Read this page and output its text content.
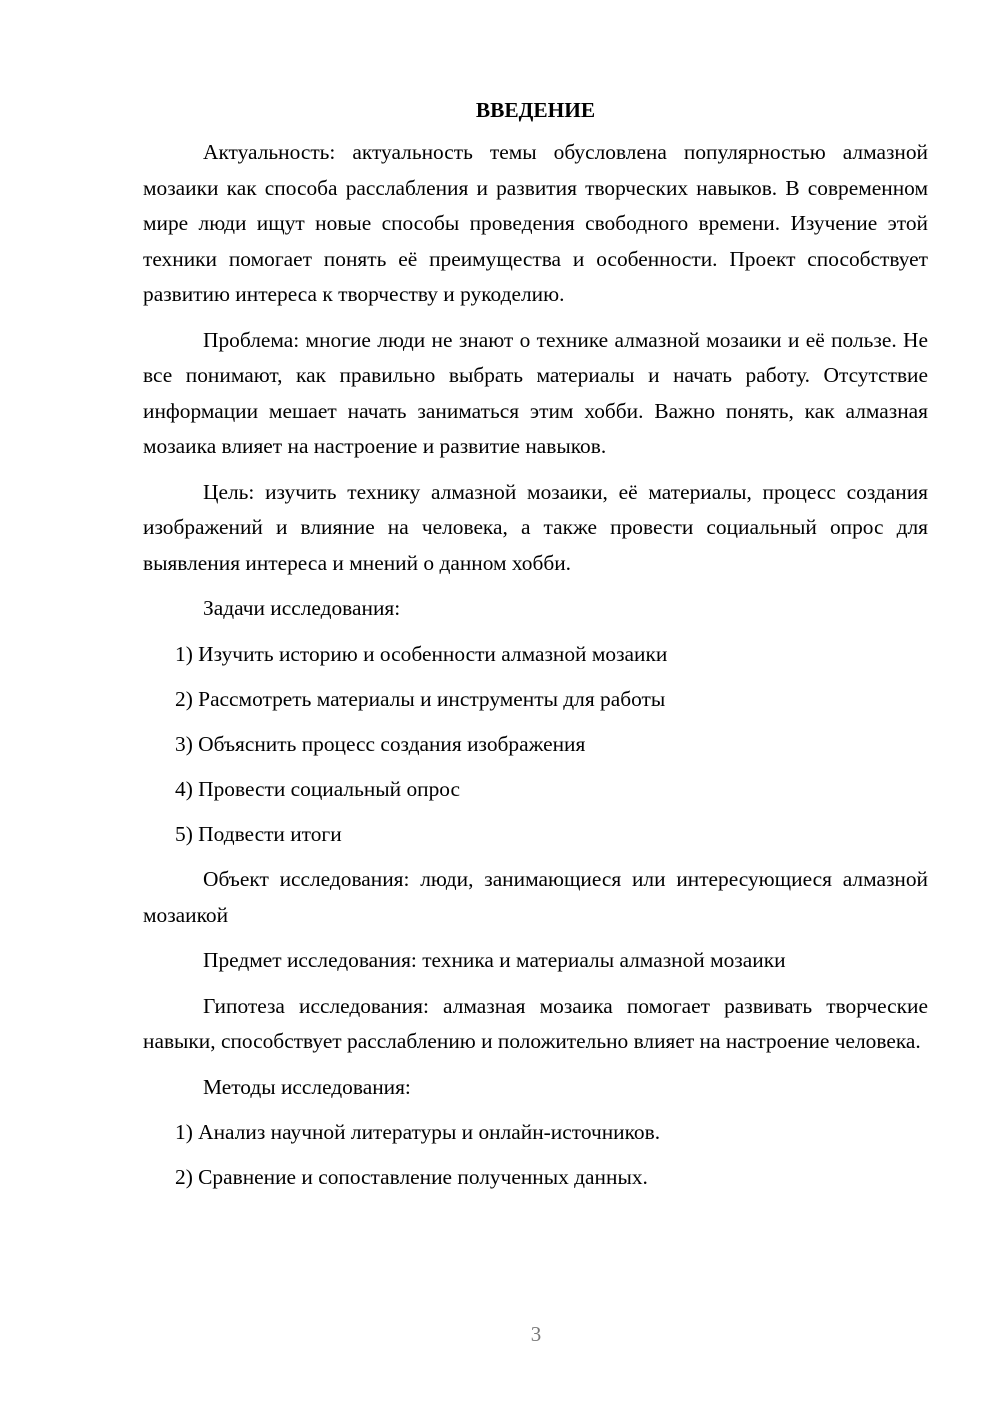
ВВЕДЕНИЕ

Актуальность: актуальность темы обусловлена популярностью алмазной мозаики как способа расслабления и развития творческих навыков. В современном мире люди ищут новые способы проведения свободного времени. Изучение этой техники помогает понять её преимущества и особенности. Проект способствует развитию интереса к творчеству и рукоделию.

Проблема: многие люди не знают о технике алмазной мозаики и её пользе. Не все понимают, как правильно выбрать материалы и начать работу. Отсутствие информации мешает начать заниматься этим хобби. Важно понять, как алмазная мозаика влияет на настроение и развитие навыков.

Цель: изучить технику алмазной мозаики, её материалы, процесс создания изображений и влияние на человека, а также провести социальный опрос для выявления интереса и мнений о данном хобби.

Задачи исследования:

1) Изучить историю и особенности алмазной мозаики
2) Рассмотреть материалы и инструменты для работы
3) Объяснить процесс создания изображения
4) Провести социальный опрос
5) Подвести итоги

Объект исследования: люди, занимающиеся или интересующиеся алмазной мозаикой

Предмет исследования: техника и материалы алмазной мозаики

Гипотеза исследования: алмазная мозаика помогает развивать творческие навыки, способствует расслаблению и положительно влияет на настроение человека.

Методы исследования:

1) Анализ научной литературы и онлайн-источников.
2) Сравнение и сопоставление полученных данных.
3
